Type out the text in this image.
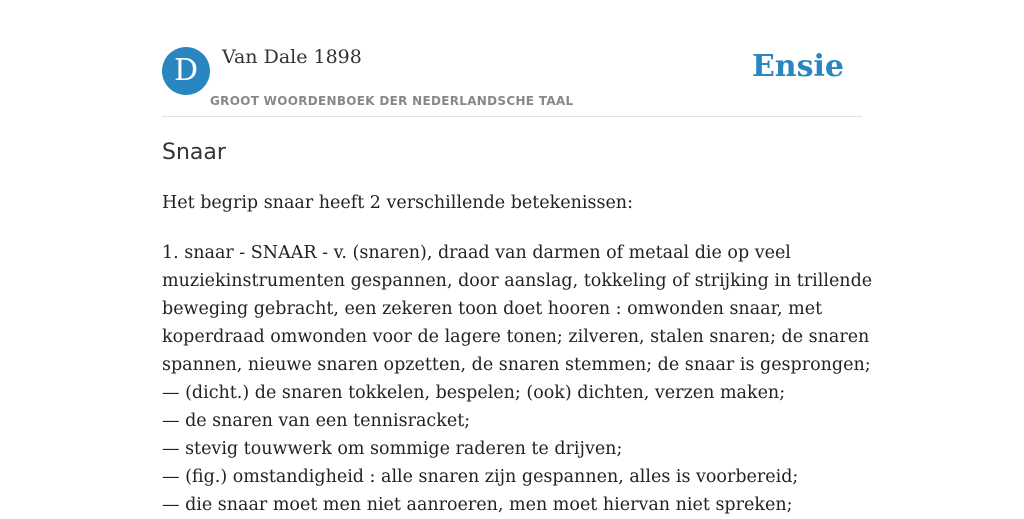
D	Van Dale 1898
GROOT WOORDENBOEK DER NEDERLANDSCHE TAAL
Ensie
Snaar

Het begrip snaar heeft 2 verschillende betekenissen:

1. snaar - SNAAR - v. (snaren), draad van darmen of metaal die op veel
muziekinstrumenten gespannen, door aanslag, tokkeling of strijking in trillende
beweging gebracht, een zekeren toon doet hooren : omwonden snaar, met
koperdraad omwonden voor de lagere tonen; zilveren, stalen snaren; de snaren
spannen, nieuwe snaren opzetten, de snaren stemmen; de snaar is gesprongen;
— (dicht.) de snaren tokkelen, bespelen; (ook) dichten, verzen maken;
— de snaren van een tennisracket;
— stevig touwwerk om sommige raderen te drijven;
— (fig.) omstandigheid : alle snaren zijn gespannen, alles is voorbereid;
— die snaar moet men niet aanroeren, men moet hiervan niet spreken;
